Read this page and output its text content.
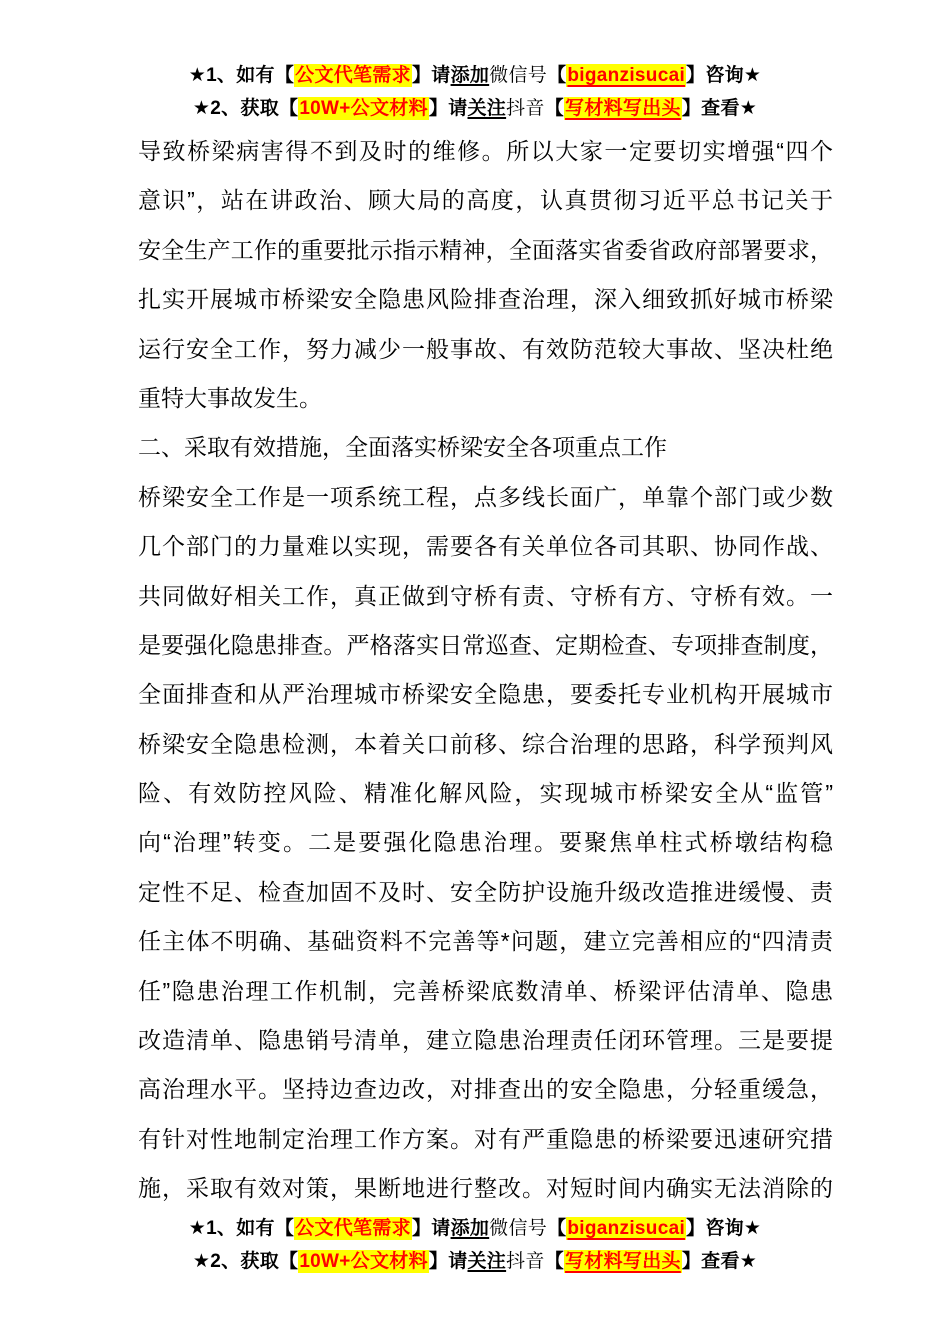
★1、如有【公文代笔需求】请添加微信号【biganzisucai】咨询★
★2、获取【10W+公文材料】请关注抖音【写材料写出头】查看★
导致桥梁病害得不到及时的维修。所以大家一定要切实增强“四个
意识”，站在讲政治、顾大局的高度，认真贯彻习近平总书记关于
安全生产工作的重要批示指示精神，全面落实省委省政府部署要求，
扎实开展城市桥梁安全隐患风险排查治理，深入细致抓好城市桥梁
运行安全工作，努力减少一般事故、有效防范较大事故、坚决杜绝
重特大事故发生。
二、采取有效措施，全面落实桥梁安全各项重点工作
桥梁安全工作是一项系统工程，点多线长面广，单靠个部门或少数
几个部门的力量难以实现，需要各有关单位各司其职、协同作战、
共同做好相关工作，真正做到守桥有责、守桥有方、守桥有效。一
是要强化隐患排查。严格落实日常巡查、定期检查、专项排查制度，
全面排查和从严治理城市桥梁安全隐患，要委托专业机构开展城市
桥梁安全隐患检测，本着关口前移、综合治理的思路，科学预判风
险、有效防控风险、精准化解风险，实现城市桥梁安全从“监管”
向“治理”转变。二是要强化隐患治理。要聚焦单柱式桥墩结构稳
定性不足、检查加固不及时、安全防护设施升级改造推进缓慢、责
任主体不明确、基础资料不完善等*问题，建立完善相应的“四清责
任”隐患治理工作机制，完善桥梁底数清单、桥梁评估清单、隐患
改造清单、隐患销号清单，建立隐患治理责任闭环管理。三是要提
高治理水平。坚持边查边改，对排查出的安全隐患，分轻重缓急，
有针对性地制定治理工作方案。对有严重隐患的桥梁要迅速研究措
施，采取有效对策，果断地进行整改。对短时间内确实无法消除的
★1、如有【公文代笔需求】请添加微信号【biganzisucai】咨询★
★2、获取【10W+公文材料】请关注抖音【写材料写出头】查看★
